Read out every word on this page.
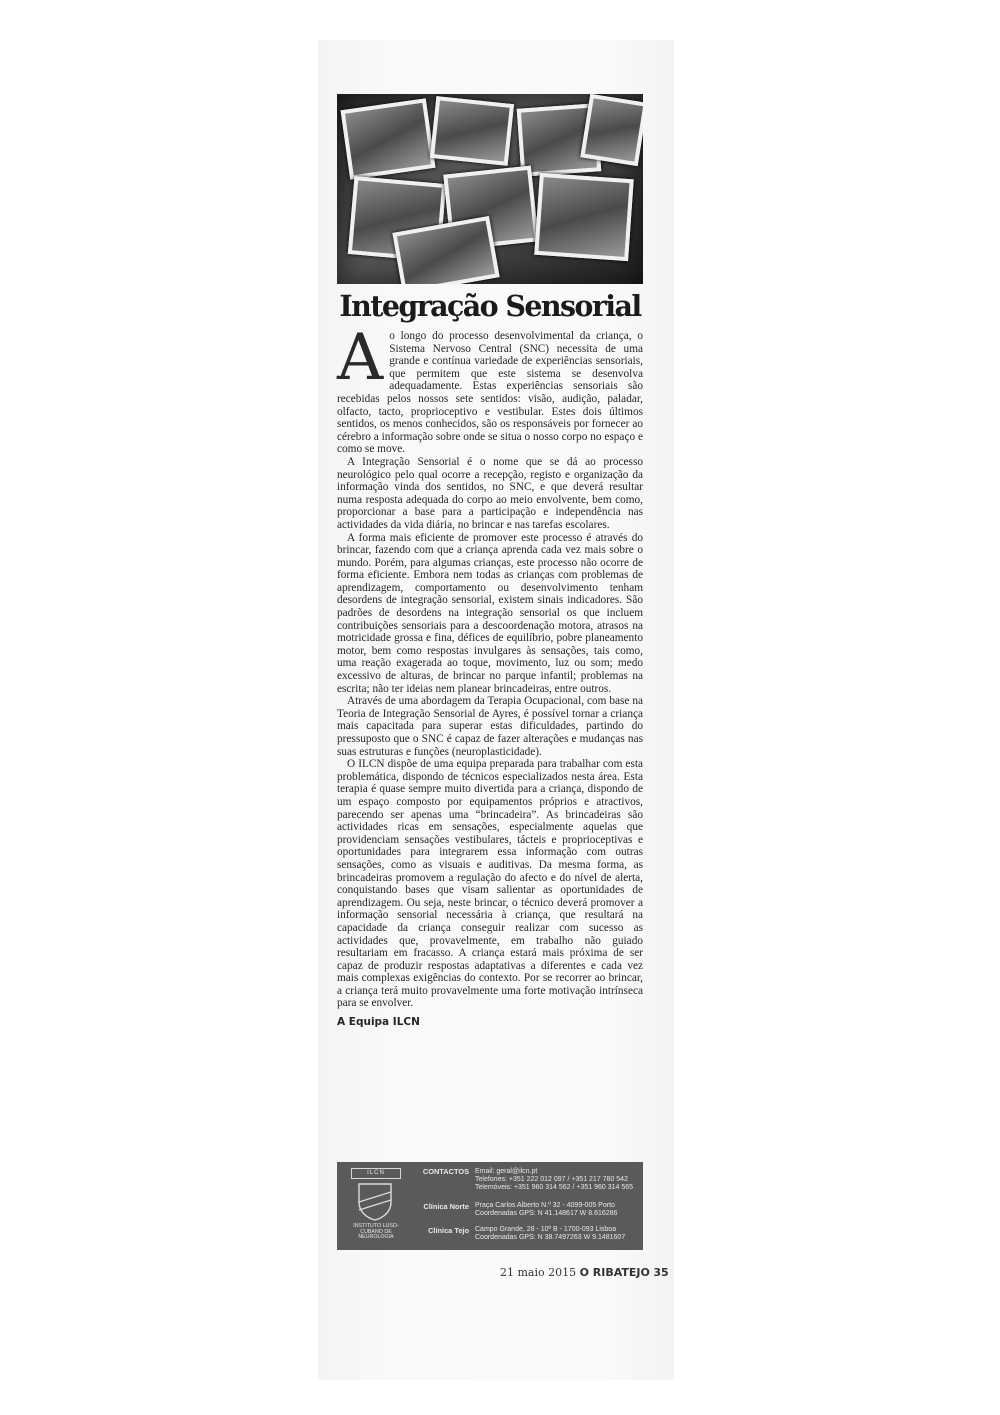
Integração Sensorial

Ao longo do processo desenvolvimental da criança, o Sistema Nervoso Central (SNC) necessita de uma grande e contínua variedade de experiências sensoriais, que permitem que este sistema se desenvolva adequadamente. Estas experiências sensoriais são recebidas pelos nossos sete sentidos: visão, audição, paladar, olfacto, tacto, proprioceptivo e vestibular. Estes dois últimos sentidos, os menos conhecidos, são os responsáveis por fornecer ao cérebro a informação sobre onde se situa o nosso corpo no espaço e como se move.

A Integração Sensorial é o nome que se dá ao processo neurológico pelo qual ocorre a recepção, registo e organização da informação vinda dos sentidos, no SNC, e que deverá resultar numa resposta adequada do corpo ao meio envolvente, bem como, proporcionar a base para a participação e independência nas actividades da vida diária, no brincar e nas tarefas escolares.

A forma mais eficiente de promover este processo é através do brincar, fazendo com que a criança aprenda cada vez mais sobre o mundo. Porém, para algumas crianças, este processo não ocorre de forma eficiente. Embora nem todas as crianças com problemas de aprendizagem, comportamento ou desenvolvimento tenham desordens de integração sensorial, existem sinais indicadores. São padrões de desordens na integração sensorial os que incluem contribuições sensoriais para a descoordenação motora, atrasos na motricidade grossa e fina, défices de equilíbrio, pobre planeamento motor, bem como respostas invulgares às sensações, tais como, uma reação exagerada ao toque, movimento, luz ou som; medo excessivo de alturas, de brincar no parque infantil; problemas na escrita; não ter ideias nem planear brincadeiras, entre outros.

Através de uma abordagem da Terapia Ocupacional, com base na Teoria de Integração Sensorial de Ayres, é possível tornar a criança mais capacitada para superar estas dificuldades, partindo do pressuposto que o SNC é capaz de fazer alterações e mudanças nas suas estruturas e funções (neuroplasticidade).

O ILCN dispõe de uma equipa preparada para trabalhar com esta problemática, dispondo de técnicos especializados nesta área. Esta terapia é quase sempre muito divertida para a criança, dispondo de um espaço composto por equipamentos próprios e atractivos, parecendo ser apenas uma “brincadeira”. As brincadeiras são actividades ricas em sensações, especialmente aquelas que providenciam sensações vestibulares, tácteis e proprioceptivas e oportunidades para integrarem essa informação com outras sensações, como as visuais e auditivas. Da mesma forma, as brincadeiras promovem a regulação do afecto e do nível de alerta, conquistando bases que visam salientar as oportunidades de aprendizagem. Ou seja, neste brincar, o técnico deverá promover a informação sensorial necessária à criança, que resultará na capacidade da criança conseguir realizar com sucesso as actividades que, provavelmente, em trabalho não guiado resultariam em fracasso. A criança estará mais próxima de ser capaz de produzir respostas adaptativas a diferentes e cada vez mais complexas exigências do contexto. Por se recorrer ao brincar, a criança terá muito provavelmente uma forte motivação intrínseca para se envolver.

A Equipa ILCN
ILCN
INSTITUTO LUSO-CUBANO DE NEUROLOGIA
CONTACTOS Email: geral@ilcn.pt
Telefones: +351 222 012 097 / +351 217 780 542
Telemóveis: +351 960 314 562 / +351 960 314 565
Clínica Norte Praça Carlos Alberto N.º 32 - 4099-005 Porto
Coordenadas GPS: N 41.148617 W 8.616286
Clínica Tejo Campo Grande, 28 - 10º B - 1700-093 Lisboa
Coordenadas GPS: N 38.7497263 W 9.1481607
21 maio 2015 O RIBATEJO 35
